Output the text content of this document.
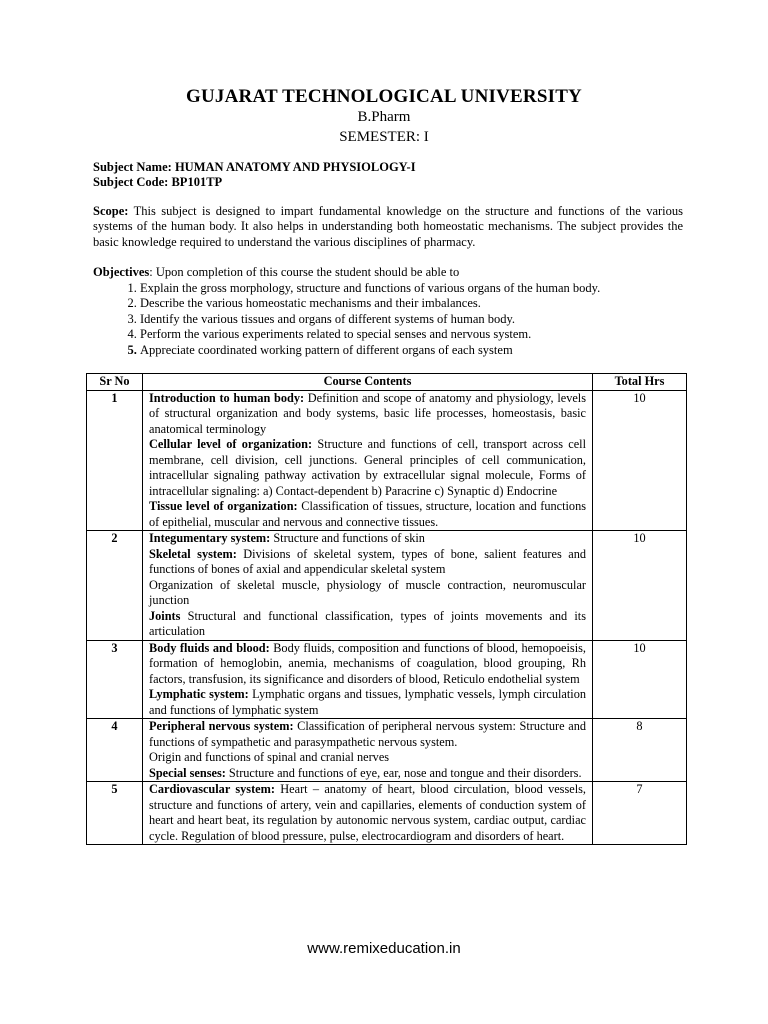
GUJARAT TECHNOLOGICAL UNIVERSITY
B.Pharm
SEMESTER: I
Subject Name: HUMAN ANATOMY AND PHYSIOLOGY-I
Subject Code: BP101TP
Scope: This subject is designed to impart fundamental knowledge on the structure and functions of the various systems of the human body. It also helps in understanding both homeostatic mechanisms. The subject provides the basic knowledge required to understand the various disciplines of pharmacy.
Objectives: Upon completion of this course the student should be able to
1. Explain the gross morphology, structure and functions of various organs of the human body.
2. Describe the various homeostatic mechanisms and their imbalances.
3. Identify the various tissues and organs of different systems of human body.
4. Perform the various experiments related to special senses and nervous system.
5. Appreciate coordinated working pattern of different organs of each system
Sr No	Course Contents	Total Hrs
1	Introduction to human body: Definition and scope of anatomy and physiology, levels of structural organization and body systems, basic life processes, homeostasis, basic anatomical terminology

Cellular level of organization: Structure and functions of cell, transport across cell membrane, cell division, cell junctions. General principles of cell communication, intracellular signaling pathway activation by extracellular signal molecule, Forms of intracellular signaling: a) Contact-dependent b) Paracrine c) Synaptic d) Endocrine

Tissue level of organization: Classification of tissues, structure, location and functions of epithelial, muscular and nervous and connective tissues.	10
2	Integumentary system: Structure and functions of skin

Skeletal system: Divisions of skeletal system, types of bone, salient features and functions of bones of axial and appendicular skeletal system

Organization of skeletal muscle, physiology of muscle contraction, neuromuscular junction

Joints Structural and functional classification, types of joints movements and its articulation	10
3	Body fluids and blood: Body fluids, composition and functions of blood, hemopoeisis, formation of hemoglobin, anemia, mechanisms of coagulation, blood grouping, Rh factors, transfusion, its significance and disorders of blood, Reticulo endothelial system

Lymphatic system: Lymphatic organs and tissues, lymphatic vessels, lymph circulation and functions of lymphatic system	10
4	Peripheral nervous system: Classification of peripheral nervous system: Structure and functions of sympathetic and parasympathetic nervous system.

Origin and functions of spinal and cranial nerves

Special senses: Structure and functions of eye, ear, nose and tongue and their disorders.	8
5	Cardiovascular system: Heart – anatomy of heart, blood circulation, blood vessels, structure and functions of artery, vein and capillaries, elements of conduction system of heart and heart beat, its regulation by autonomic nervous system, cardiac output, cardiac cycle. Regulation of blood pressure, pulse, electrocardiogram and disorders of heart.	7
www.remixeducation.in
